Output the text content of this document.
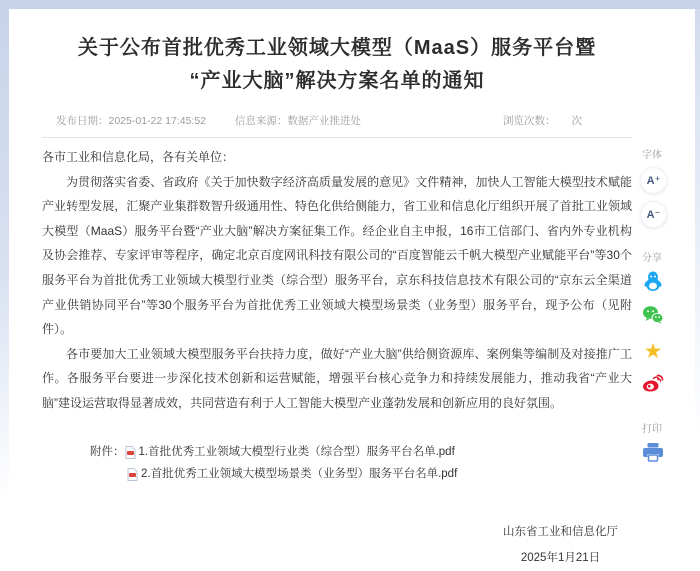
关于公布首批优秀工业领域大模型（MaaS）服务平台暨
“产业大脑”解决方案名单的通知
发布日期：2025-01-22 17:45:52	信息来源：数据产业推进处	浏览次数： 次

各市工业和信息化局，各有关单位：

为贯彻落实省委、省政府《关于加快数字经济高质量发展的意见》文件精神，加快人工智能大模型技术赋能产业转型发展，汇聚产业集群数智升级通用性、特色化供给侧能力，省工业和信息化厅组织开展了首批工业领域大模型（MaaS）服务平台暨“产业大脑”解决方案征集工作。经企业自主申报，16市工信部门、省内外专业机构及协会推荐、专家评审等程序，确定北京百度网讯科技有限公司的“百度智能云千帆大模型产业赋能平台”等30个服务平台为首批优秀工业领域大模型行业类（综合型）服务平台，京东科技信息技术有限公司的“京东云全渠道产业供销协同平台”等30个服务平台为首批优秀工业领域大模型场景类（业务型）服务平台，现予公布（见附件）。

各市要加大工业领域大模型服务平台扶持力度，做好“产业大脑”供给侧资源库、案例集等编制及对接推广工作。各服务平台要进一步深化技术创新和运营赋能，增强平台核心竞争力和持续发展能力，推动我省“产业大脑”建设运营取得显著成效，共同营造有利于人工智能大模型产业蓬勃发展和创新应用的良好氛围。

附件： 1.首批优秀工业领域大模型行业类（综合型）服务平台名单.pdf
2.首批优秀工业领域大模型场景类（业务型）服务平台名单.pdf
山东省工业和信息化厅
2025年1月21日
字体
A⁺
A⁻
分享
★
打印
